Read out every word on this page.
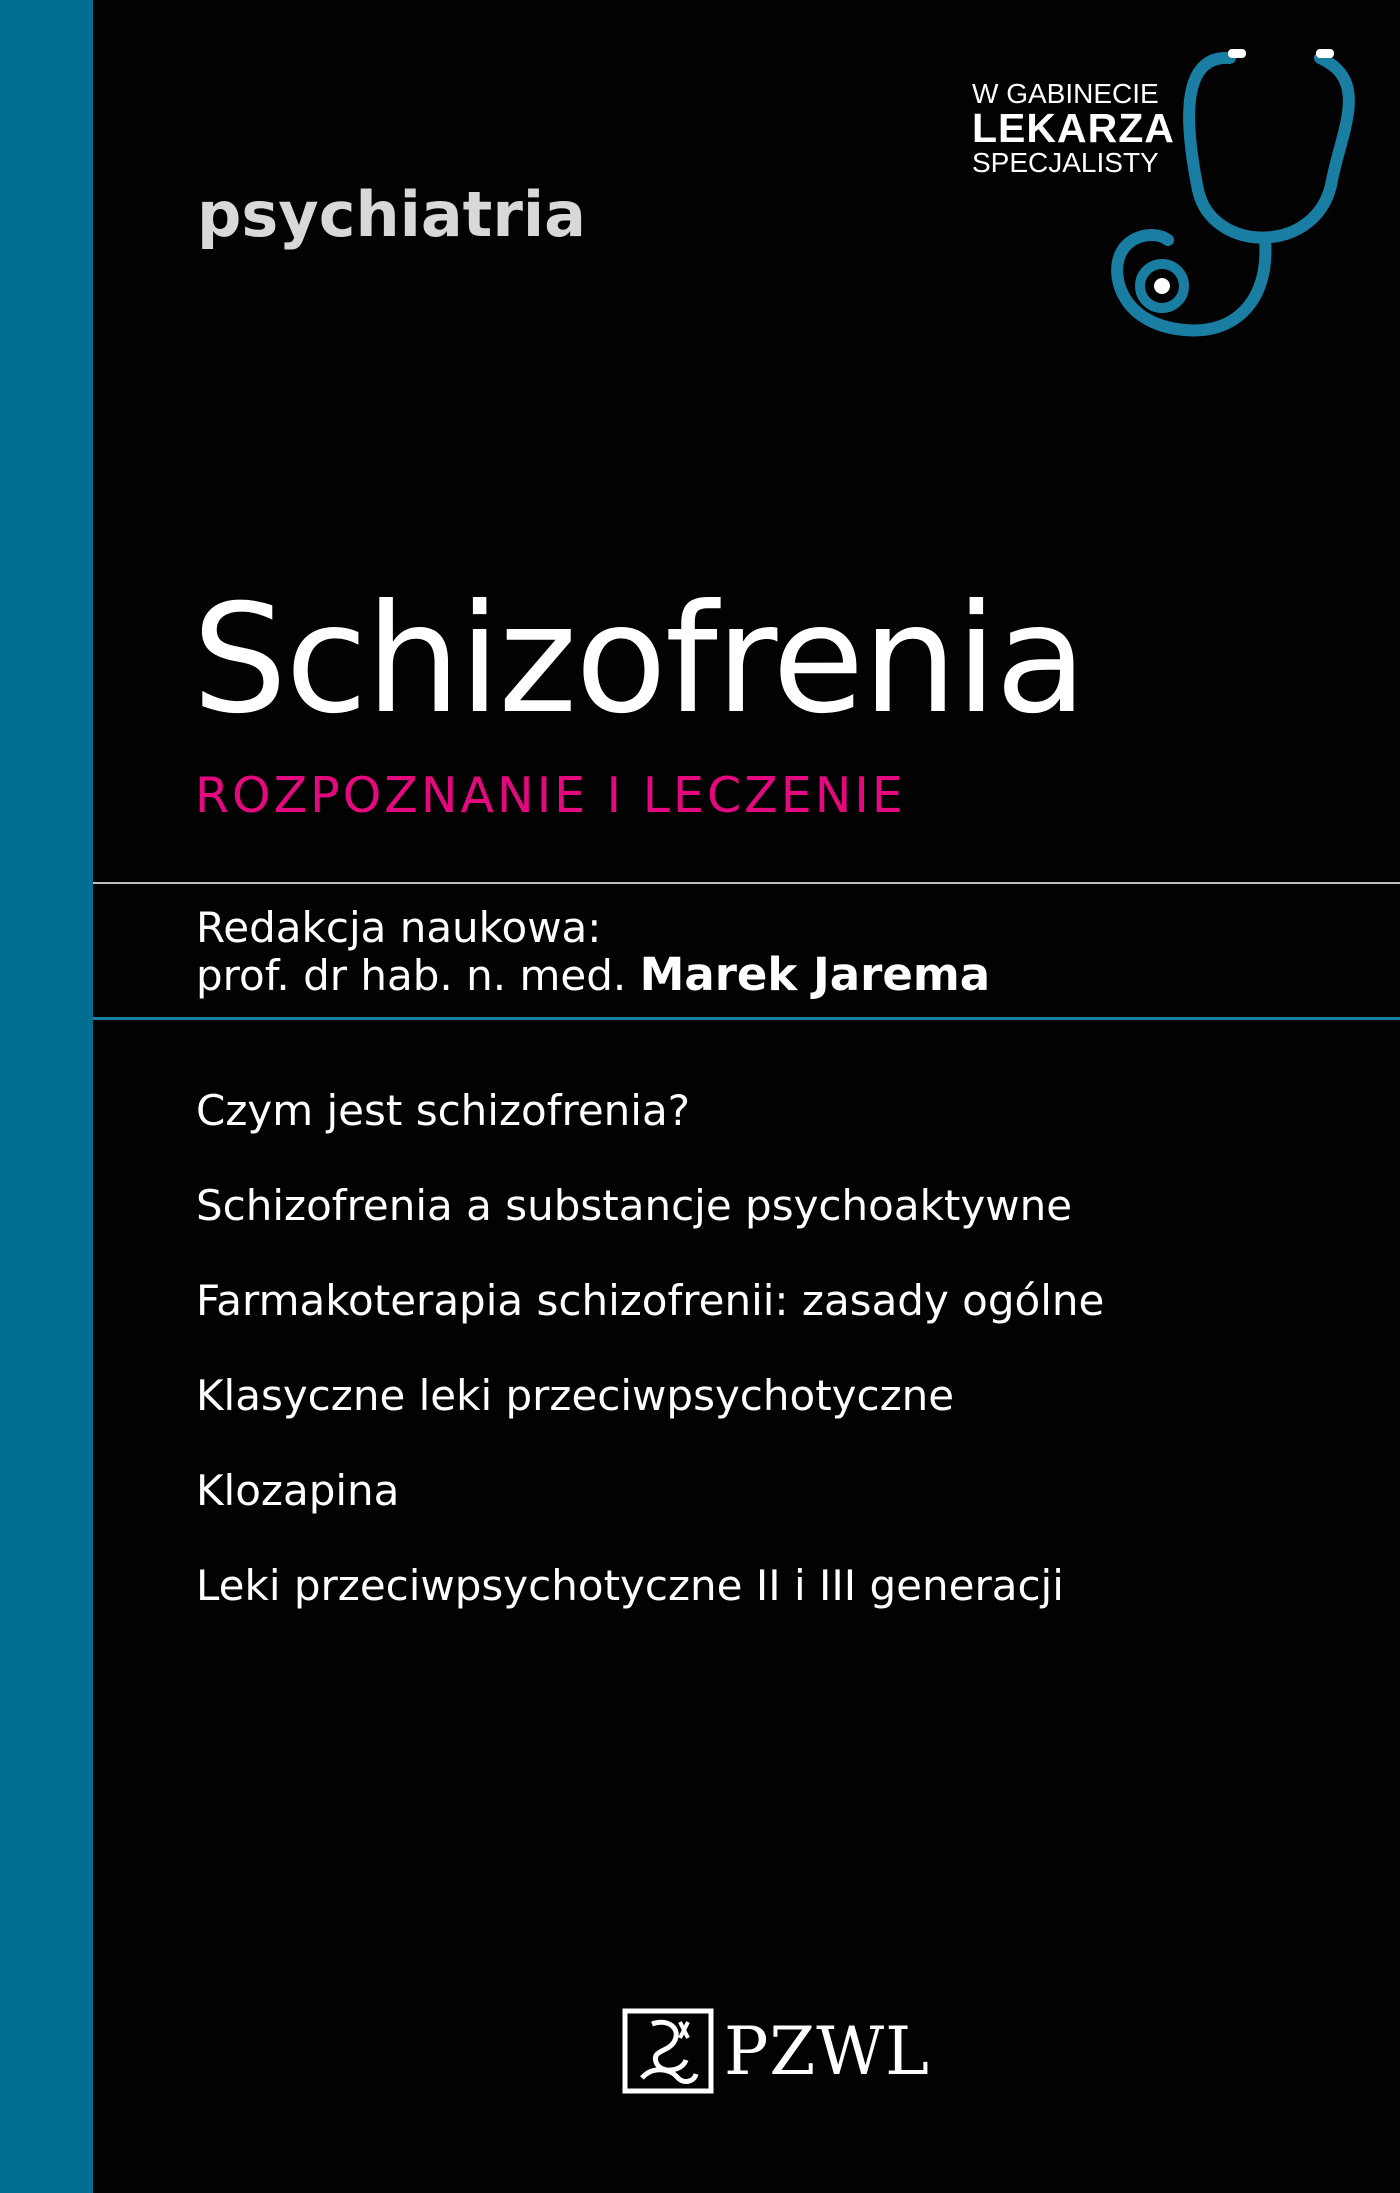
psychiatria
W GABINECIE
LEKARZA
SPECJALISTY
Schizofrenia

ROZPOZNANIE I LECZENIE

Redakcja naukowa:

prof. dr hab. n. med. Marek Jarema

Czym jest schizofrenia?
Schizofrenia a substancje psychoaktywne
Farmakoterapia schizofrenii: zasady ogólne
Klasyczne leki przeciwpsychotyczne
Klozapina
Leki przeciwpsychotyczne II i III generacji
PZWL
